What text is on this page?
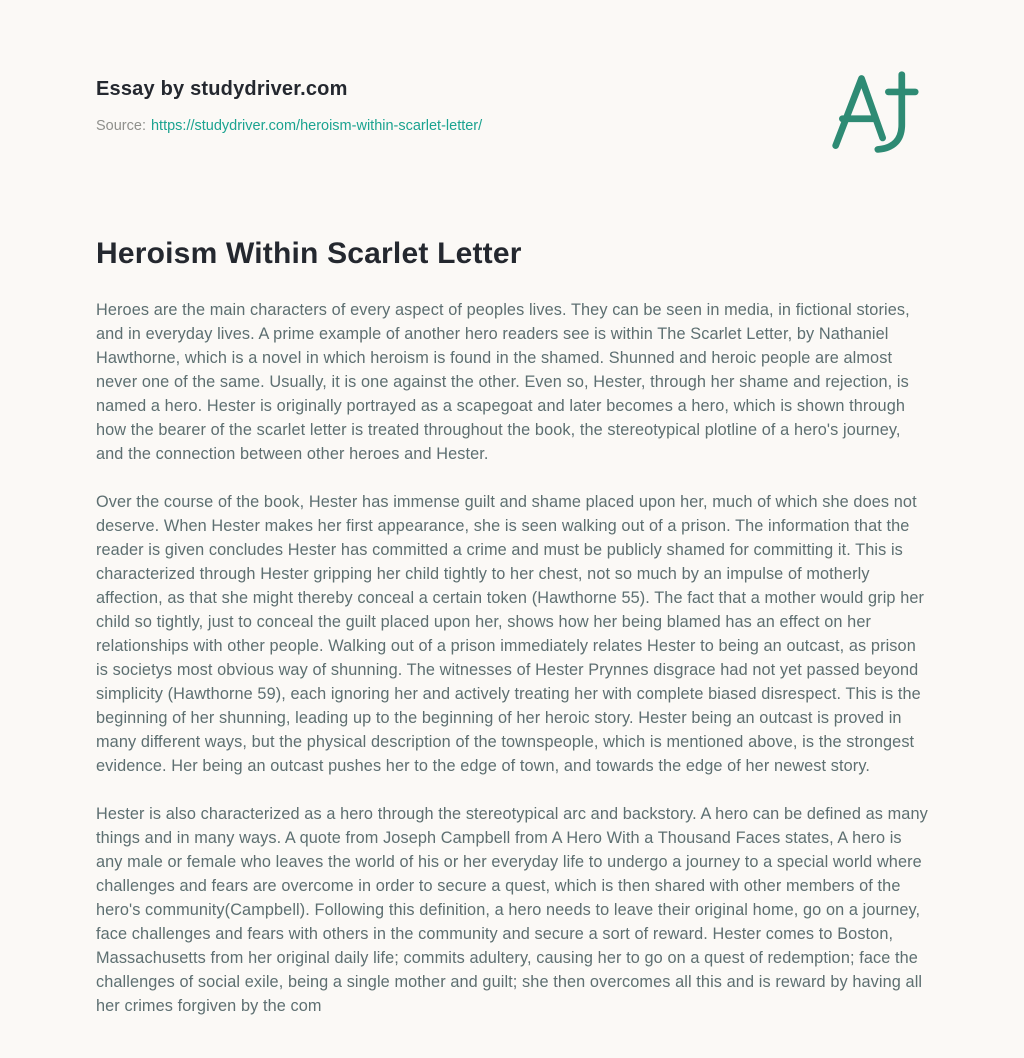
Essay by studydriver.com
Source: https://studydriver.com/heroism-within-scarlet-letter/
Heroism Within Scarlet Letter

Heroes are the main characters of every aspect of peoples lives. They can be seen in media, in fictional stories, and in everyday lives. A prime example of another hero readers see is within The Scarlet Letter, by Nathaniel Hawthorne, which is a novel in which heroism is found in the shamed. Shunned and heroic people are almost never one of the same. Usually, it is one against the other. Even so, Hester, through her shame and rejection, is named a hero. Hester is originally portrayed as a scapegoat and later becomes a hero, which is shown through how the bearer of the scarlet letter is treated throughout the book, the stereotypical plotline of a hero's journey, and the connection between other heroes and Hester.

Over the course of the book, Hester has immense guilt and shame placed upon her, much of which she does not deserve. When Hester makes her first appearance, she is seen walking out of a prison. The information that the reader is given concludes Hester has committed a crime and must be publicly shamed for committing it. This is characterized through Hester gripping her child tightly to her chest, not so much by an impulse of motherly affection, as that she might thereby conceal a certain token (Hawthorne 55). The fact that a mother would grip her child so tightly, just to conceal the guilt placed upon her, shows how her being blamed has an effect on her relationships with other people. Walking out of a prison immediately relates Hester to being an outcast, as prison is societys most obvious way of shunning. The witnesses of Hester Prynnes disgrace had not yet passed beyond simplicity (Hawthorne 59), each ignoring her and actively treating her with complete biased disrespect. This is the beginning of her shunning, leading up to the beginning of her heroic story. Hester being an outcast is proved in many different ways, but the physical description of the townspeople, which is mentioned above, is the strongest evidence. Her being an outcast pushes her to the edge of town, and towards the edge of her newest story.

Hester is also characterized as a hero through the stereotypical arc and backstory. A hero can be defined as many things and in many ways. A quote from Joseph Campbell from A Hero With a Thousand Faces states, A hero is any male or female who leaves the world of his or her everyday life to undergo a journey to a special world where challenges and fears are overcome in order to secure a quest, which is then shared with other members of the hero's community(Campbell). Following this definition, a hero needs to leave their original home, go on a journey, face challenges and fears with others in the community and secure a sort of reward. Hester comes to Boston, Massachusetts from her original daily life; commits adultery, causing her to go on a quest of redemption; face the challenges of social exile, being a single mother and guilt; she then overcomes all this and is reward by having all her crimes forgiven by the com
